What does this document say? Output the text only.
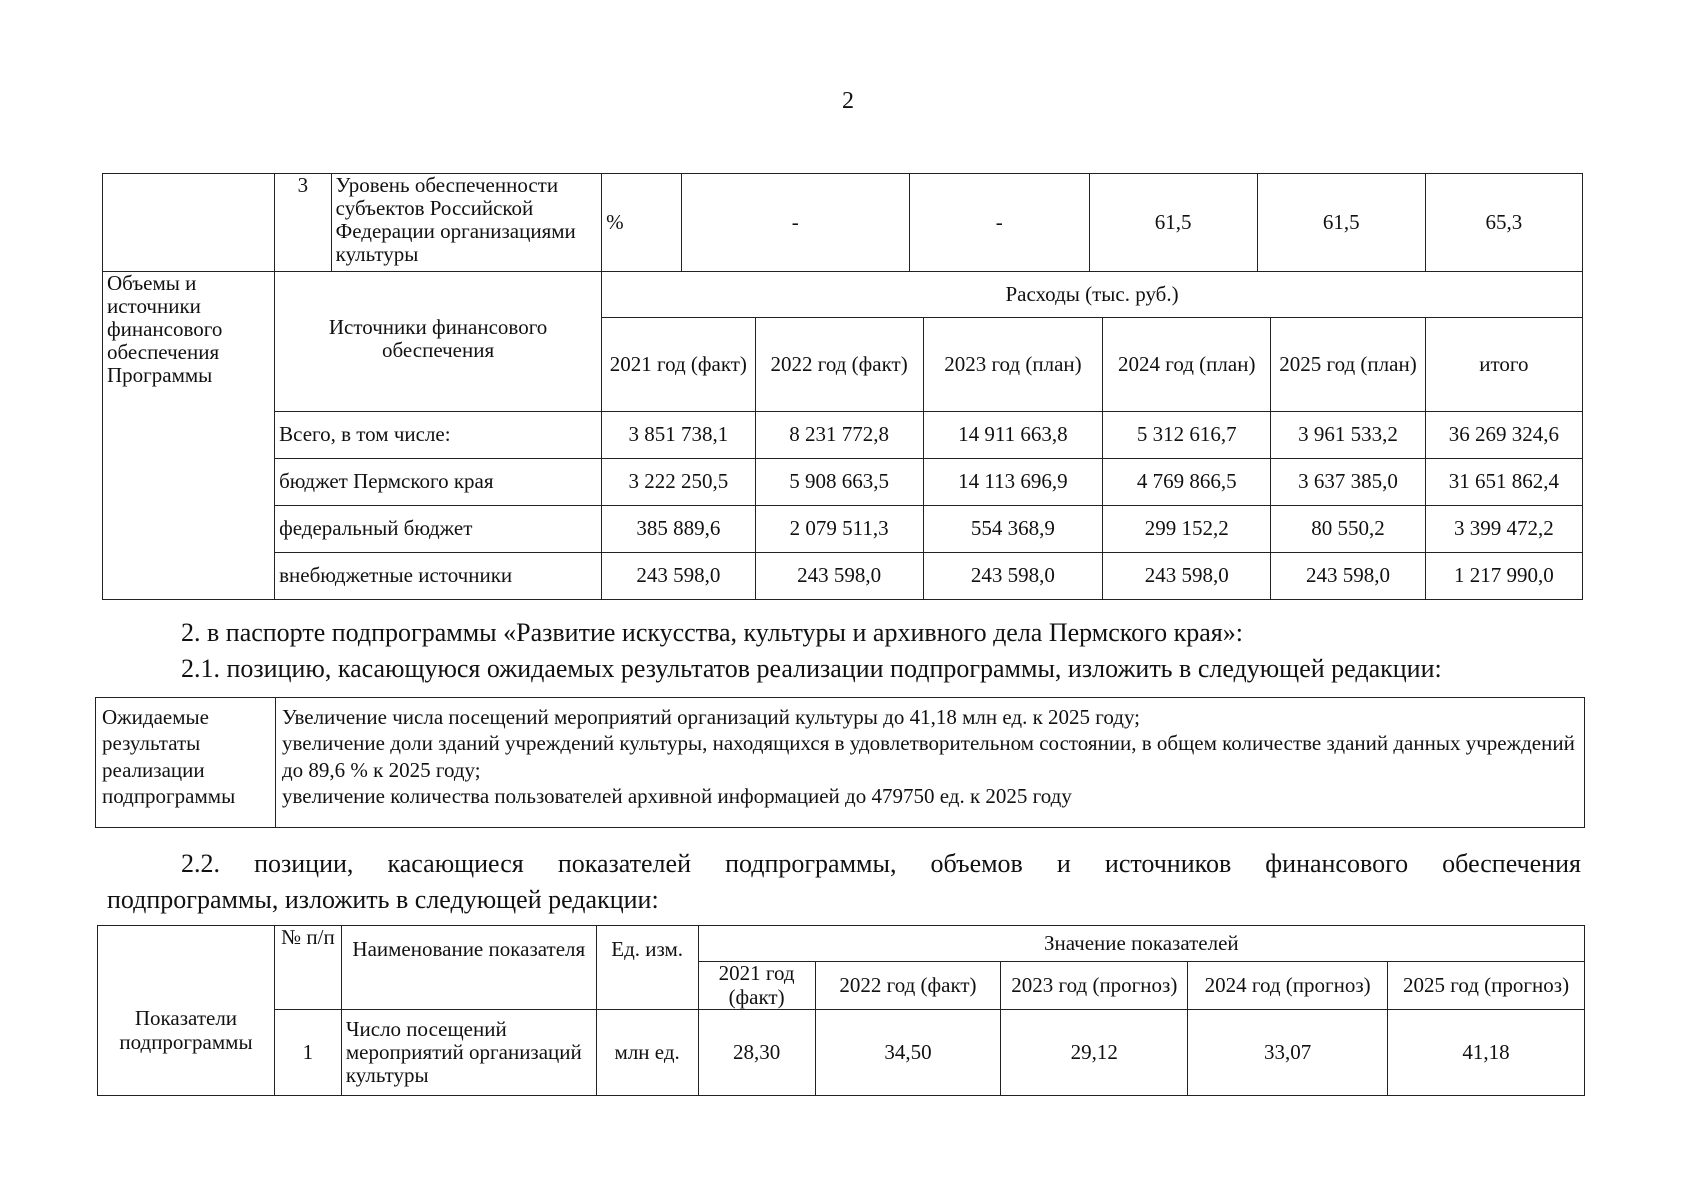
2
	3	Уровень обеспеченности субъектов Российской Федерации организациями культуры	%	-		-		61,5		61,5		65,3
Объемы и источники финансового обеспечения Программы	Источники финансового обеспечения		Расходы (тыс. руб.)									
			2021 год (факт)		2022 год (факт)		2023 год (план)		2024 год (план)		2025 год (план)	итого
	Всего, в том числе:		3 851 738,1		8 231 772,8		14 911 663,8		5 312 616,7		3 961 533,2	36 269 324,6
	бюджет Пермского края		3 222 250,5		5 908 663,5		14 113 696,9		4 769 866,5		3 637 385,0	31 651 862,4
	федеральный бюджет		385 889,6		2 079 511,3		554 368,9		299 152,2		80 550,2	3 399 472,2
	внебюджетные источники		243 598,0		243 598,0		243 598,0		243 598,0		243 598,0	1 217 990,0
2. в паспорте подпрограммы «Развитие искусства, культуры и архивного дела Пермского края»:
2.1. позицию, касающуюся ожидаемых результатов реализации подпрограммы, изложить в следующей редакции:
Ожидаемые результаты реализации подпрограммы	
Увеличение числа посещений мероприятий организаций культуры до 41,18 млн ед. к 2025 году;
увеличение доли зданий учреждений культуры, находящихся в удовлетворительном состоянии, в общем количестве зданий данных учреждений до 89,6 % к 2025 году;
увеличение количества пользователей архивной информацией до 479750 ед. к 2025 году
2.2. позиции, касающиеся показателей подпрограммы, объемов и источников финансового обеспечения
подпрограммы, изложить в следующей редакции:
Показатели подпрограммы	№ п/п	Наименование показателя	Ед. изм.	Значение показателей				
				2021 год (факт)	2022 год (факт)	2023 год (прогноз)	2024 год (прогноз)	2025 год (прогноз)
	1	Число посещений мероприятий организаций культуры	млн ед.	28,30	34,50	29,12	33,07	41,18
